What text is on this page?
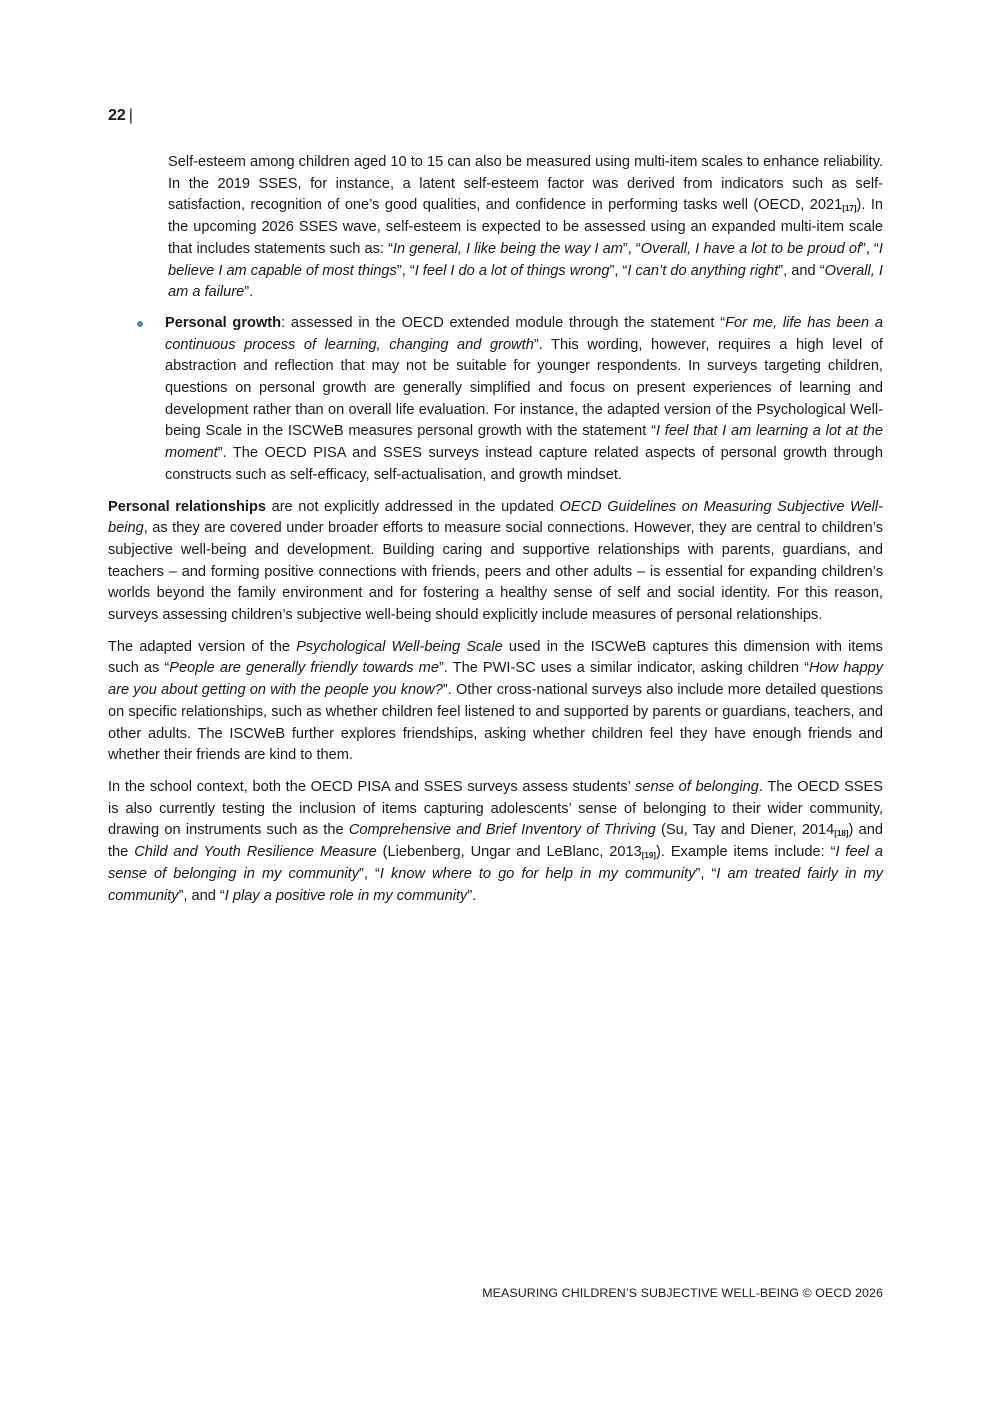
22 |

Self-esteem among children aged 10 to 15 can also be measured using multi-item scales to enhance reliability. In the 2019 SSES, for instance, a latent self-esteem factor was derived from indicators such as self-satisfaction, recognition of one’s good qualities, and confidence in performing tasks well (OECD, $2021_{[17]}$). In the upcoming 2026 SSES wave, self-esteem is expected to be assessed using an expanded multi-item scale that includes statements such as: “In general, I like being the way I am”, “Overall, I have a lot to be proud of”, “I believe I am capable of most things”, “I feel I do a lot of things wrong”, “I can’t do anything right”, and “Overall, I am a failure”.

Personal growth: assessed in the OECD extended module through the statement “For me, life has been a continuous process of learning, changing and growth”. This wording, however, requires a high level of abstraction and reflection that may not be suitable for younger respondents. In surveys targeting children, questions on personal growth are generally simplified and focus on present experiences of learning and development rather than on overall life evaluation. For instance, the adapted version of the Psychological Well-being Scale in the ISCWeB measures personal growth with the statement “I feel that I am learning a lot at the moment”. The OECD PISA and SSES surveys instead capture related aspects of personal growth through constructs such as self-efficacy, self-actualisation, and growth mindset.

Personal relationships are not explicitly addressed in the updated OECD Guidelines on Measuring Subjective Well-being, as they are covered under broader efforts to measure social connections. However, they are central to children’s subjective well-being and development. Building caring and supportive relationships with parents, guardians, and teachers – and forming positive connections with friends, peers and other adults – is essential for expanding children’s worlds beyond the family environment and for fostering a healthy sense of self and social identity. For this reason, surveys assessing children’s subjective well-being should explicitly include measures of personal relationships.

The adapted version of the Psychological Well-being Scale used in the ISCWeB captures this dimension with items such as “People are generally friendly towards me”. The PWI-SC uses a similar indicator, asking children “How happy are you about getting on with the people you know?”. Other cross-national surveys also include more detailed questions on specific relationships, such as whether children feel listened to and supported by parents or guardians, teachers, and other adults. The ISCWeB further explores friendships, asking whether children feel they have enough friends and whether their friends are kind to them.

In the school context, both the OECD PISA and SSES surveys assess students’ sense of belonging. The OECD SSES is also currently testing the inclusion of items capturing adolescents’ sense of belonging to their wider community, drawing on instruments such as the Comprehensive and Brief Inventory of Thriving (Su, Tay and Diener, $2014_{[18]}$) and the Child and Youth Resilience Measure (Liebenberg, Ungar and LeBlanc, $2013_{[19]}$). Example items include: “I feel a sense of belonging in my community”, “I know where to go for help in my community”, “I am treated fairly in my community”, and “I play a positive role in my community”.

MEASURING CHILDREN’S SUBJECTIVE WELL-BEING © OECD 2026
